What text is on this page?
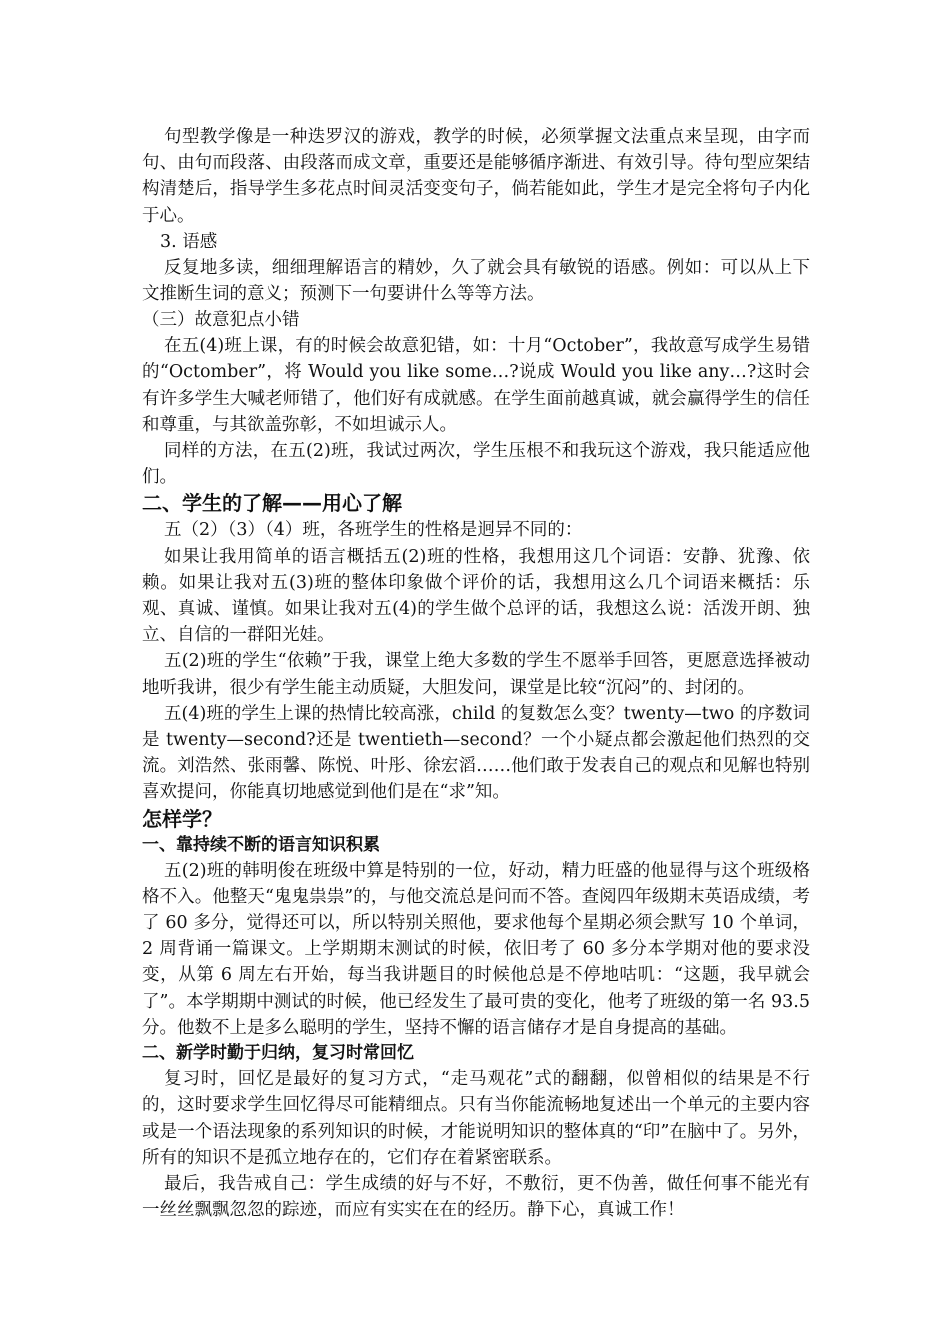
句型教学像是一种迭罗汉的游戏，教学的时候，必须掌握文法重点来呈现，由字而句、由句而段落、由段落而成文章，重要还是能够循序渐进、有效引导。待句型应架结构清楚后，指导学生多花点时间灵活变变句子，倘若能如此，学生才是完全将句子内化于心。

3. 语感

反复地多读，细细理解语言的精妙，久了就会具有敏锐的语感。例如：可以从上下文推断生词的意义；预测下一句要讲什么等等方法。

（三）故意犯点小错

在五(4)班上课，有的时候会故意犯错，如：十月“October”，我故意写成学生易错的“Octomber”，将 Would you like some…?说成 Would you like any…?这时会有许多学生大喊老师错了，他们好有成就感。在学生面前越真诚，就会赢得学生的信任和尊重，与其欲盖弥彰，不如坦诚示人。

同样的方法，在五(2)班，我试过两次，学生压根不和我玩这个游戏，我只能适应他们。

二、学生的了解——用心了解

五（2）（3）（4）班，各班学生的性格是迥异不同的：

如果让我用简单的语言概括五(2)班的性格，我想用这几个词语：安静、犹豫、依赖。如果让我对五(3)班的整体印象做个评价的话，我想用这么几个词语来概括：乐观、真诚、谨慎。如果让我对五(4)的学生做个总评的话，我想这么说：活泼开朗、独立、自信的一群阳光娃。

五(2)班的学生“依赖”于我，课堂上绝大多数的学生不愿举手回答，更愿意选择被动地听我讲，很少有学生能主动质疑，大胆发问，课堂是比较“沉闷”的、封闭的。

五(4)班的学生上课的热情比较高涨，child 的复数怎么变？twenty—two 的序数词是 twenty—second?还是 twentieth—second？一个小疑点都会激起他们热烈的交流。刘浩然、张雨馨、陈悦、叶彤、徐宏滔……他们敢于发表自己的观点和见解也特别喜欢提问，你能真切地感觉到他们是在“求”知。

怎样学？
一、靠持续不断的语言知识积累

五(2)班的韩明俊在班级中算是特别的一位，好动，精力旺盛的他显得与这个班级格格不入。他整天“鬼鬼祟祟”的，与他交流总是问而不答。查阅四年级期末英语成绩，考了 60 多分，觉得还可以，所以特别关照他，要求他每个星期必须会默写 10 个单词，2 周背诵一篇课文。上学期期末测试的时候，依旧考了 60 多分本学期对他的要求没变，从第 6 周左右开始，每当我讲题目的时候他总是不停地咕叽：“这题，我早就会了”。本学期期中测试的时候，他已经发生了最可贵的变化，他考了班级的第一名 93.5 分。他数不上是多么聪明的学生，坚持不懈的语言储存才是自身提高的基础。

二、新学时勤于归纳，复习时常回忆

复习时，回忆是最好的复习方式，“走马观花”式的翻翻，似曾相似的结果是不行的，这时要求学生回忆得尽可能精细点。只有当你能流畅地复述出一个单元的主要内容或是一个语法现象的系列知识的时候，才能说明知识的整体真的“印”在脑中了。另外，所有的知识不是孤立地存在的，它们存在着紧密联系。

最后，我告戒自己：学生成绩的好与不好，不敷衍，更不伪善，做任何事不能光有一丝丝飘飘忽忽的踪迹，而应有实实在在的经历。静下心，真诚工作！
